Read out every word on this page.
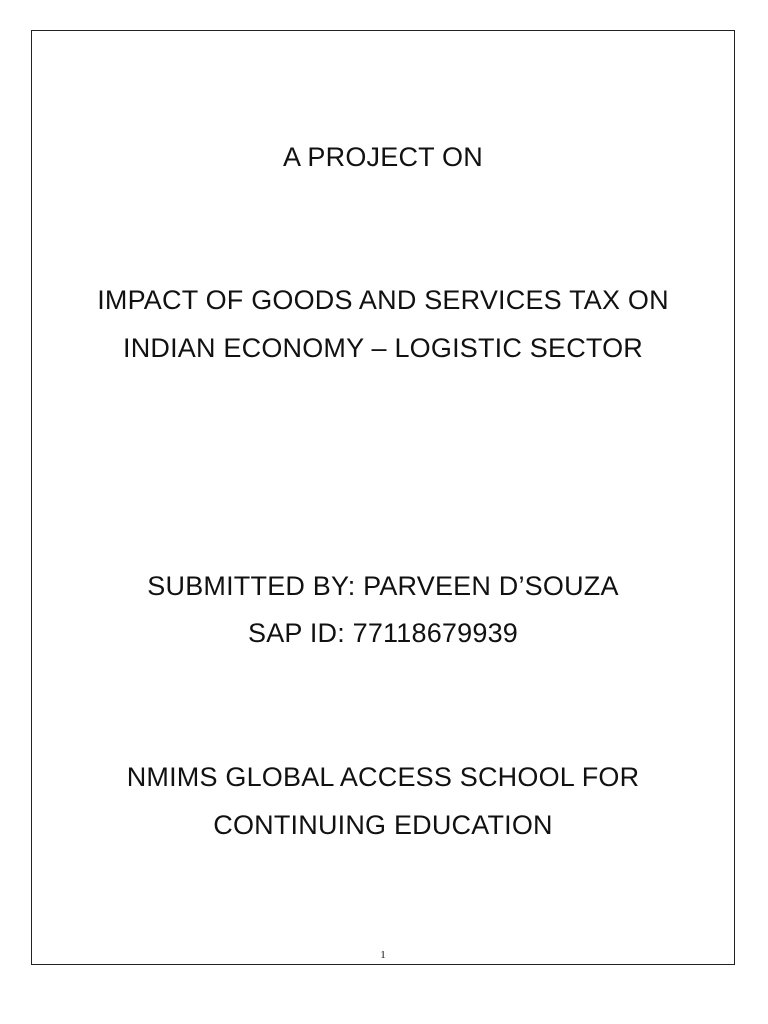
A PROJECT ON
IMPACT OF GOODS AND SERVICES TAX ON
INDIAN ECONOMY – LOGISTIC SECTOR
SUBMITTED BY: PARVEEN D’SOUZA
SAP ID: 77118679939
NMIMS GLOBAL ACCESS SCHOOL FOR
CONTINUING EDUCATION
1
